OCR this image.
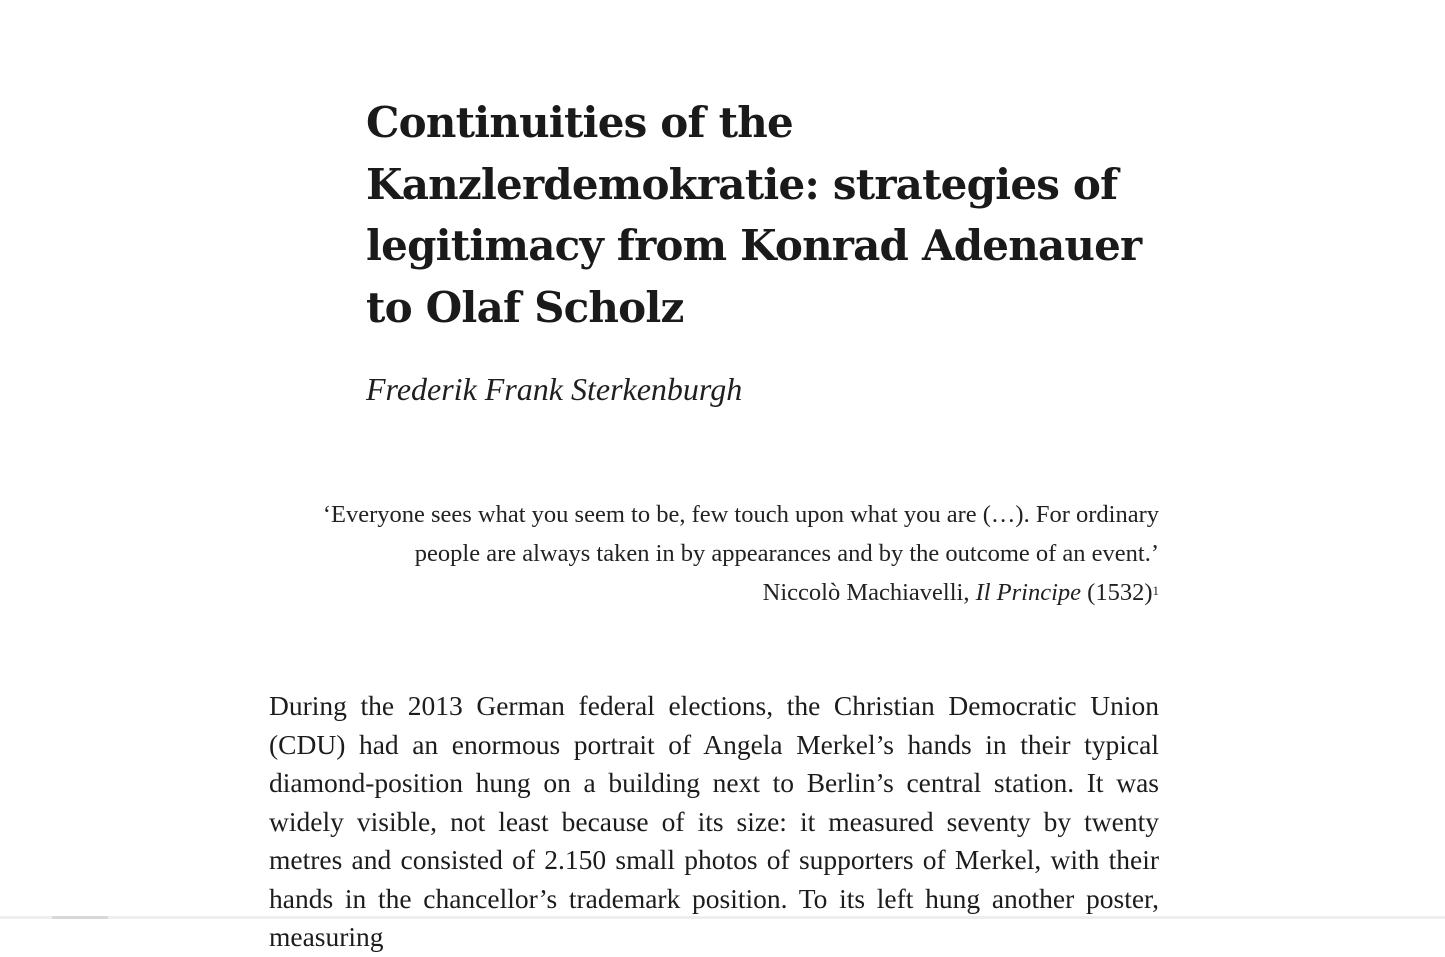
Continuities of the Kanzlerdemokratie: strategies of legitimacy from Konrad Adenauer to Olaf Scholz

Frederik Frank Sterkenburgh

‘Everyone sees what you seem to be, few touch upon what you are (…). For ordinary people are always taken in by appearances and by the outcome of an event.’

Niccolò Machiavelli, Il Principe $(1532)^1$

During the 2013 German federal elections, the Christian Democratic Union (CDU) had an enormous portrait of Angela Merkel’s hands in their typical diamond-position hung on a building next to Berlin’s central station. It was widely visible, not least because of its size: it measured seventy by twenty metres and consisted of 2.150 small photos of supporters of Merkel, with their hands in the chancellor’s trademark position. To its left hung another poster, measuring
